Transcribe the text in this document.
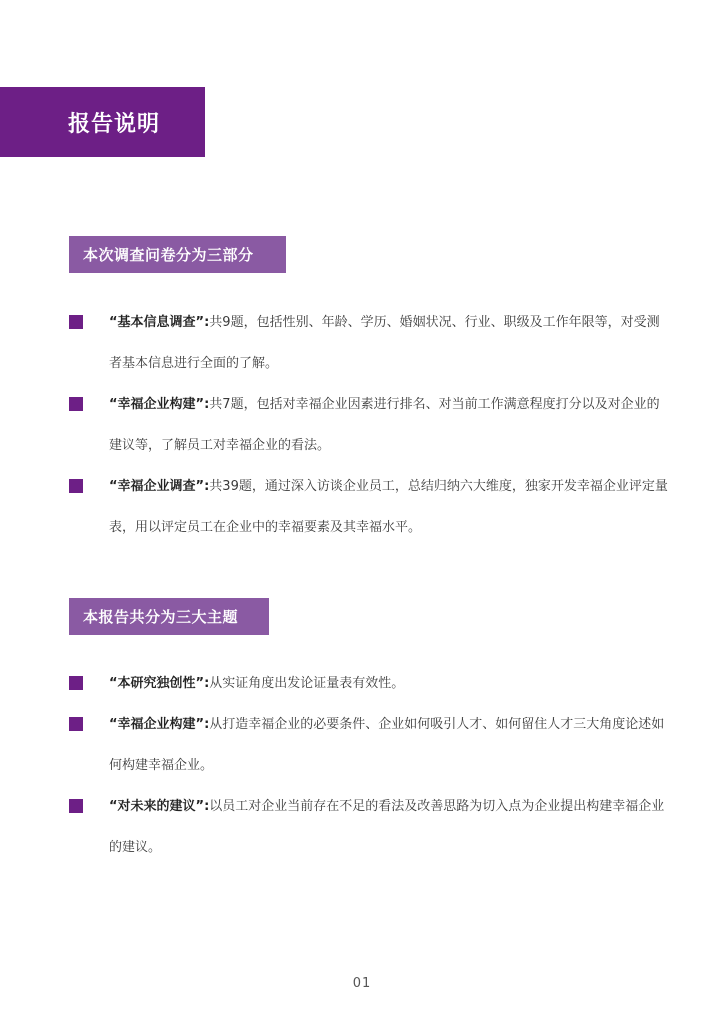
报告说明
本次调查问卷分为三部分
“基本信息调查”:共9题，包括性别、年龄、学历、婚姻状况、行业、职级及工作年限等，对受测者基本信息进行全面的了解。
“幸福企业构建”:共7题，包括对幸福企业因素进行排名、对当前工作满意程度打分以及对企业的建议等，了解员工对幸福企业的看法。
“幸福企业调查”:共39题，通过深入访谈企业员工，总结归纳六大维度，独家开发幸福企业评定量表，用以评定员工在企业中的幸福要素及其幸福水平。
本报告共分为三大主题
“本研究独创性”:从实证角度出发论证量表有效性。
“幸福企业构建”:从打造幸福企业的必要条件、企业如何吸引人才、如何留住人才三大角度论述如何构建幸福企业。
“对未来的建议”:以员工对企业当前存在不足的看法及改善思路为切入点为企业提出构建幸福企业的建议。
01
